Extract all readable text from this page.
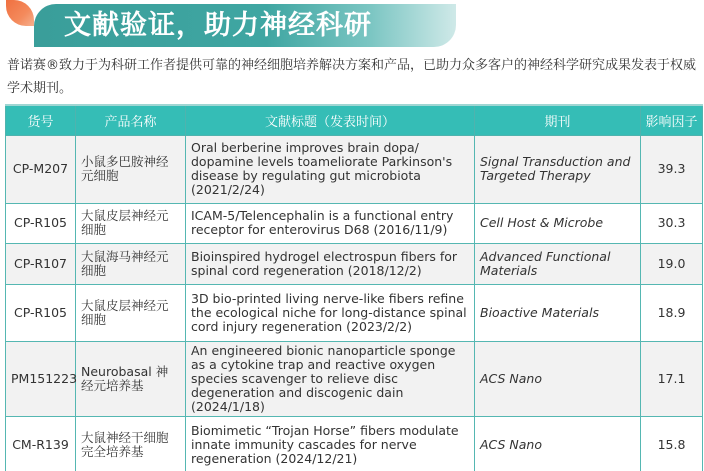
文献验证，助力神经科研
普诺赛®致力于为科研工作者提供可靠的神经细胞培养解决方案和产品，已助力众多客户的神经科学研究成果发表于权威学术期刊。
货号	产品名称	文献标题（发表时间）	期刊	影响因子
CP-M207	小鼠多巴胺神经元细胞	Oral berberine improves brain dopa/ dopamine levels toameliorate Parkinson's disease by regulating gut microbiota (2021/2/24)	Signal Transduction and Targeted Therapy	39.3
CP-R105	大鼠皮层神经元细胞	ICAM-5/Telencephalin is a functional entry receptor for enterovirus D68 (2016/11/9)	Cell Host & Microbe	30.3
CP-R107	大鼠海马神经元细胞	Bioinspired hydrogel electrospun fibers for spinal cord regeneration (2018/12/2)	Advanced Functional Materials	19.0
CP-R105	大鼠皮层神经元细胞	3D bio-printed living nerve-like fibers refine the ecological niche for long-distance spinal cord injury regeneration (2023/2/2)	Bioactive Materials	18.9
PM151223	Neurobasal 神经元培养基	An engineered bionic nanoparticle sponge as a cytokine trap and reactive oxygen species scavenger to relieve disc degeneration and discogenic dain (2024/1/18)	ACS Nano	17.1
CM-R139	大鼠神经干细胞完全培养基	Biomimetic “Trojan Horse” fibers modulate innate immunity cascades for nerve regeneration (2024/12/21)	ACS Nano	15.8
